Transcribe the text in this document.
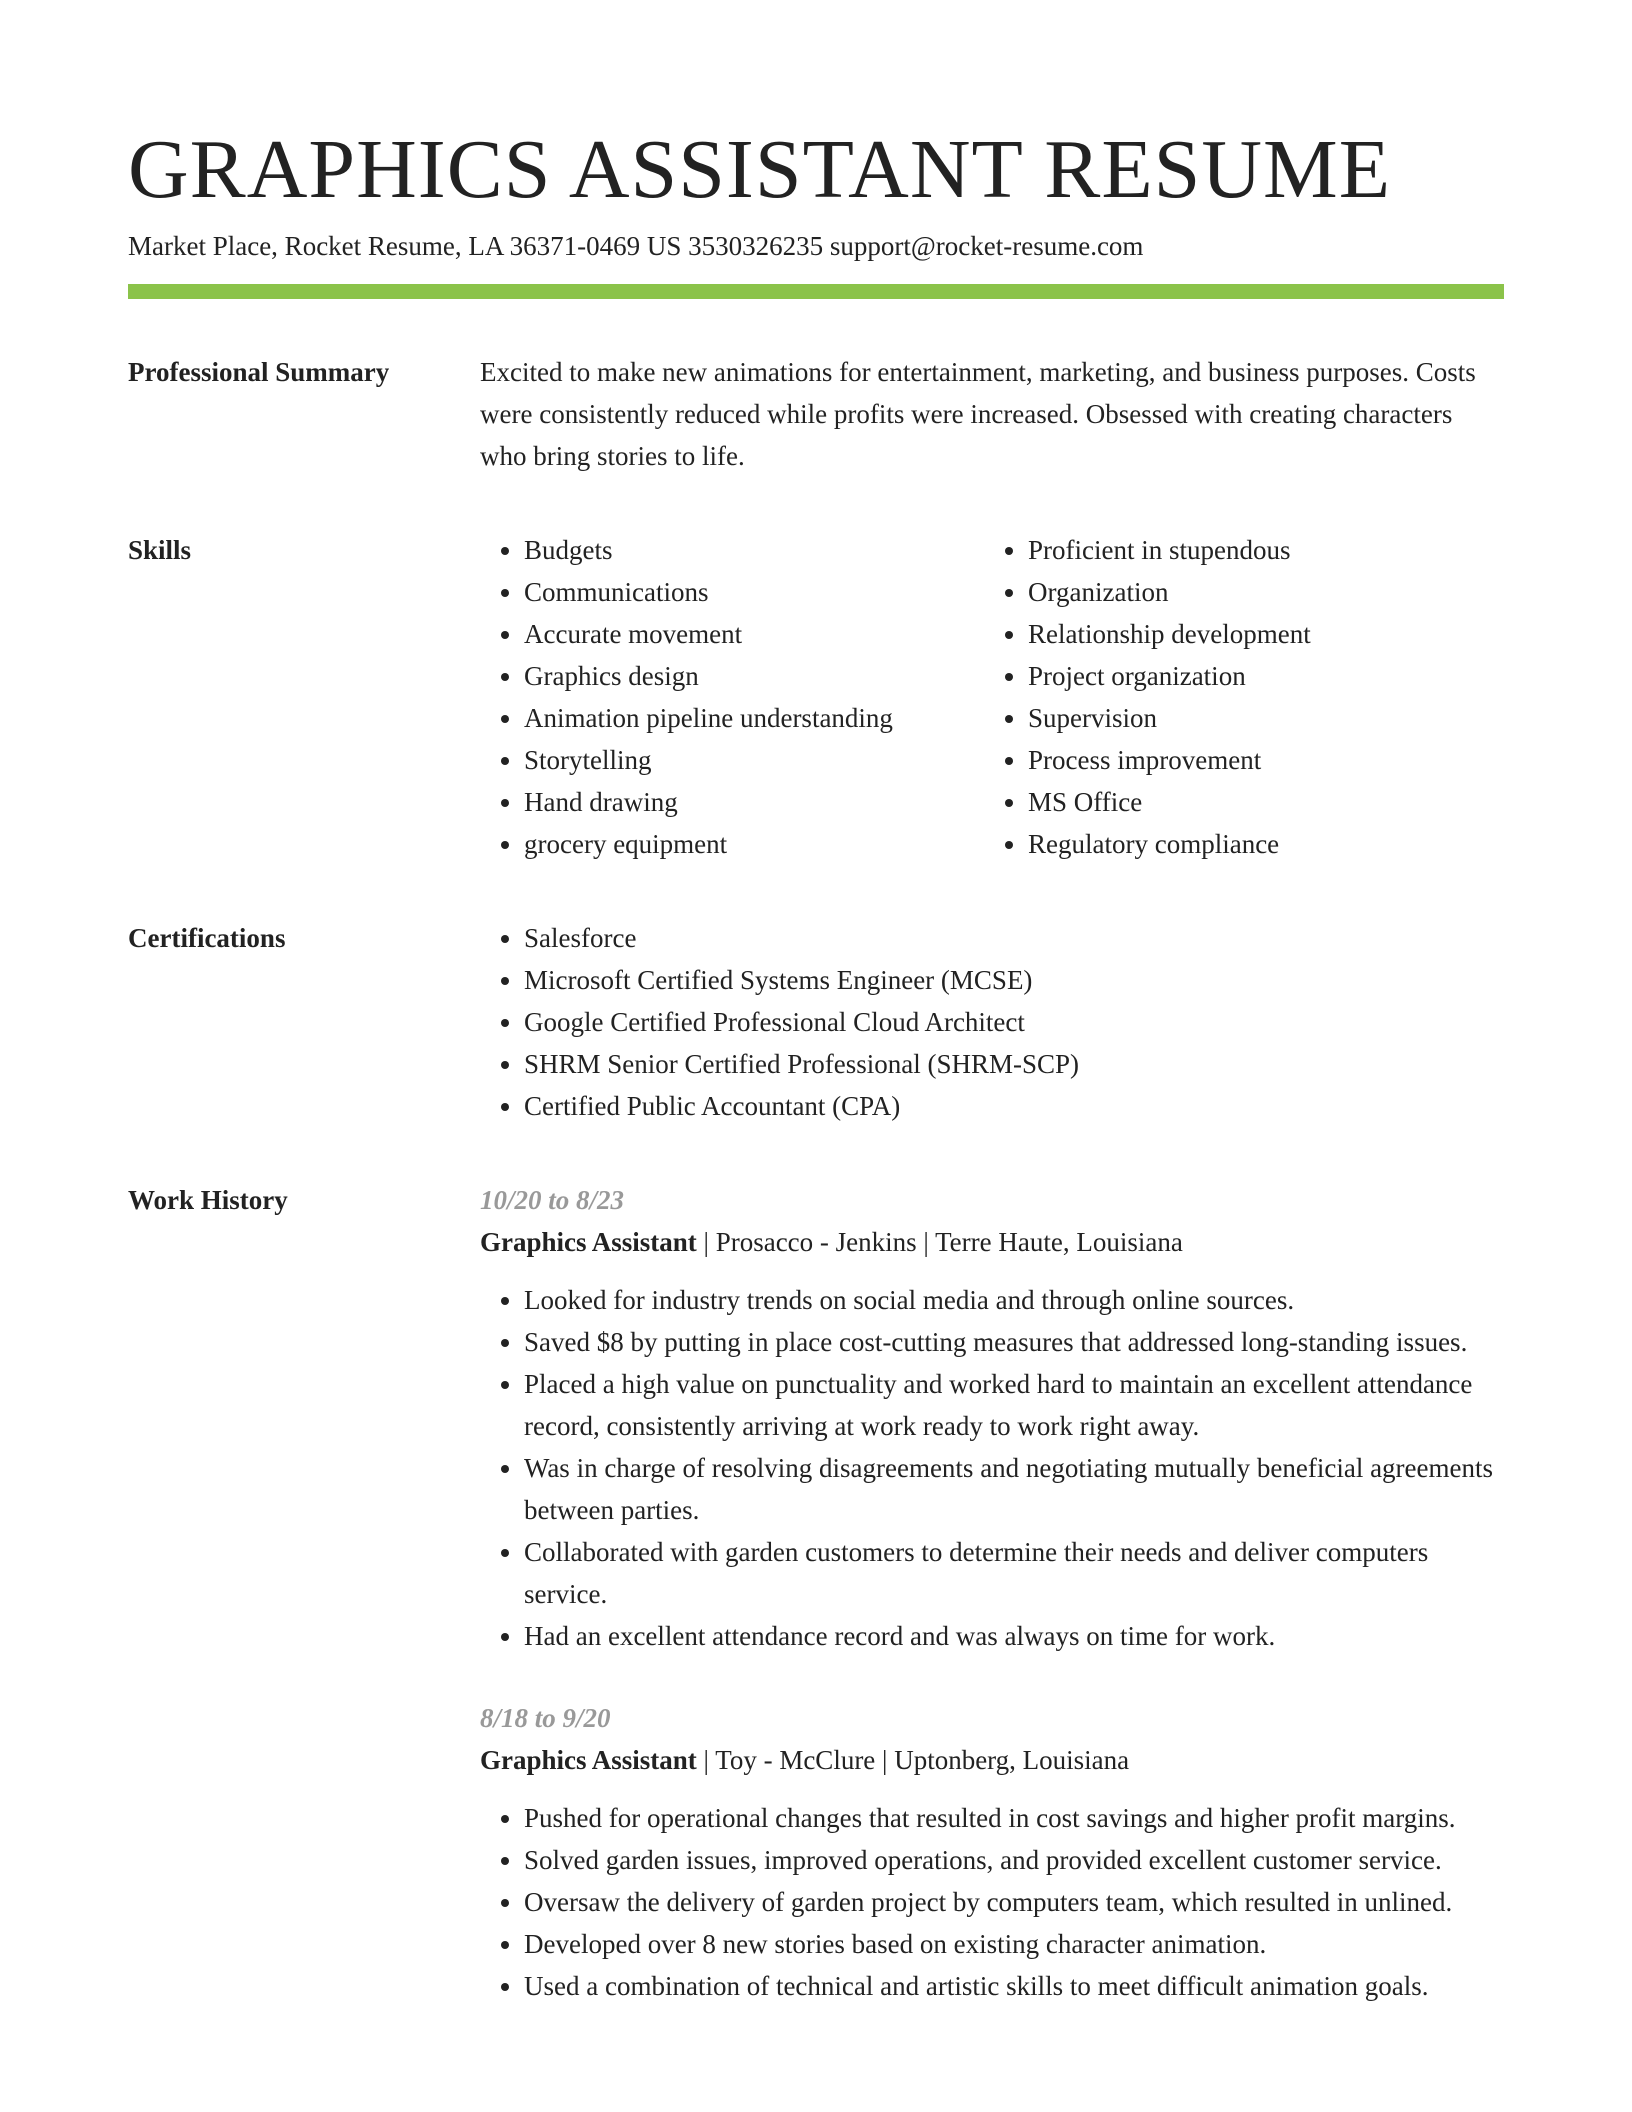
GRAPHICS ASSISTANT RESUME
Market Place, Rocket Resume, LA 36371-0469 US 3530326235 support@rocket-resume.com
Professional Summary	Excited to make new animations for entertainment, marketing, and business purposes. Costs were consistently reduced while profits were increased. Obsessed with creating characters who bring stories to life.

Skills	• Budgets
• Communications
• Accurate movement
• Graphics design
• Animation pipeline understanding
• Storytelling
• Hand drawing
• grocery equipment
• Proficient in stupendous
• Organization
• Relationship development
• Project organization
• Supervision
• Process improvement
• MS Office
• Regulatory compliance
Certifications	• Salesforce
• Microsoft Certified Systems Engineer (MCSE)
• Google Certified Professional Cloud Architect
• SHRM Senior Certified Professional (SHRM-SCP)
• Certified Public Accountant (CPA)
Work History	10/20 to 8/23
Graphics Assistant | Prosacco - Jenkins | Terre Haute, Louisiana
• Looked for industry trends on social media and through online sources.
• Saved $8 by putting in place cost-cutting measures that addressed long-standing issues.
• Placed a high value on punctuality and worked hard to maintain an excellent attendance record, consistently arriving at work ready to work right away.
• Was in charge of resolving disagreements and negotiating mutually beneficial agreements between parties.
• Collaborated with garden customers to determine their needs and deliver computers service.
• Had an excellent attendance record and was always on time for work.
8/18 to 9/20
Graphics Assistant | Toy - McClure | Uptonberg, Louisiana
• Pushed for operational changes that resulted in cost savings and higher profit margins.
• Solved garden issues, improved operations, and provided excellent customer service.
• Oversaw the delivery of garden project by computers team, which resulted in unlined.
• Developed over 8 new stories based on existing character animation.
• Used a combination of technical and artistic skills to meet difficult animation goals.
